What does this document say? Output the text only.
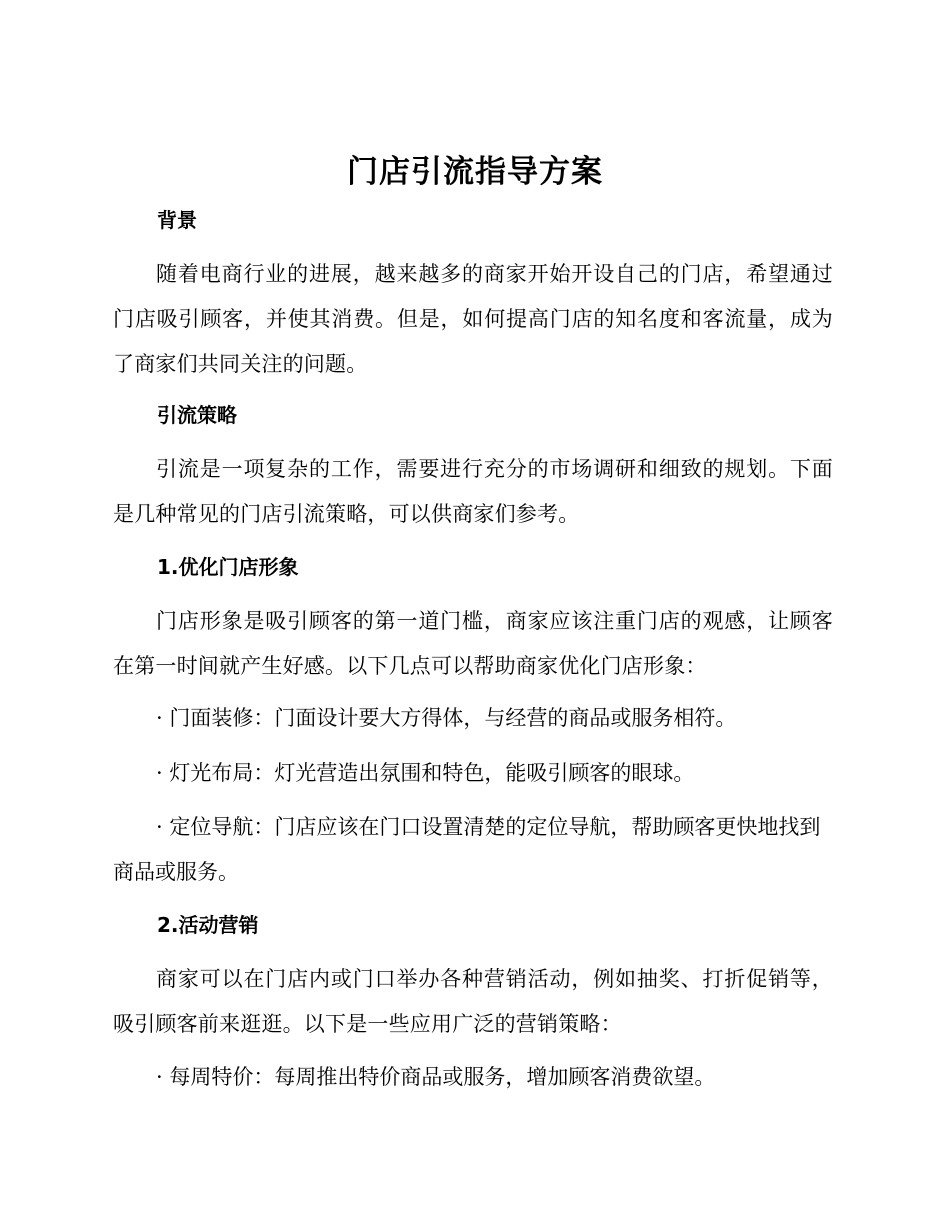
门店引流指导方案
背景

随着电商行业的进展，越来越多的商家开始开设自己的门店，希望通过门店吸引顾客，并使其消费。但是，如何提高门店的知名度和客流量，成为了商家们共同关注的问题。

引流策略

引流是一项复杂的工作，需要进行充分的市场调研和细致的规划。下面是几种常见的门店引流策略，可以供商家们参考。

1.优化门店形象

门店形象是吸引顾客的第一道门槛，商家应该注重门店的观感，让顾客在第一时间就产生好感。以下几点可以帮助商家优化门店形象：

· 门面装修：门面设计要大方得体，与经营的商品或服务相符。

· 灯光布局：灯光营造出氛围和特色，能吸引顾客的眼球。

· 定位导航：门店应该在门口设置清楚的定位导航，帮助顾客更快地找到商品或服务。

2.活动营销

商家可以在门店内或门口举办各种营销活动，例如抽奖、打折促销等，吸引顾客前来逛逛。以下是一些应用广泛的营销策略：

· 每周特价：每周推出特价商品或服务，增加顾客消费欲望。
